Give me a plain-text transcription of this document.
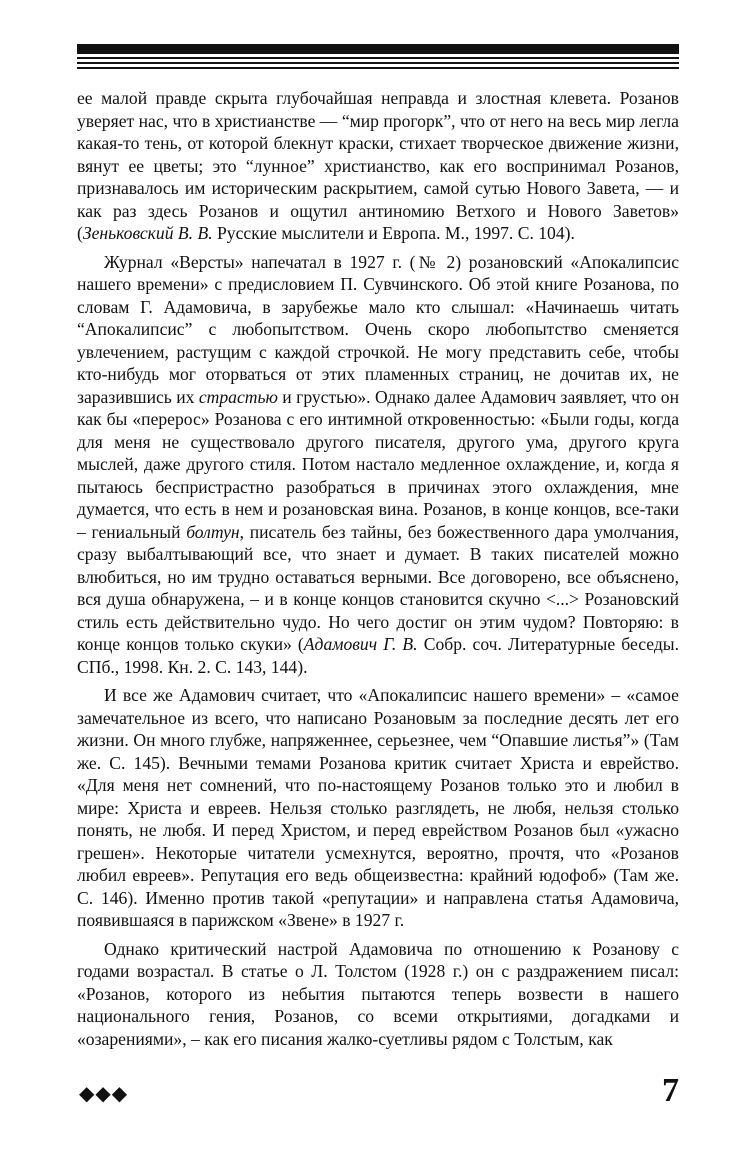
ее малой правде скрыта глубочайшая неправда и злостная клевета. Розанов уверяет нас, что в христианстве — “мир прогорк”, что от него на весь мир легла какая-то тень, от которой блекнут краски, стихает творческое движение жизни, вянут ее цветы; это “лунное” христианство, как его воспринимал Розанов, признавалось им историческим раскрытием, самой сутью Нового Завета, — и как раз здесь Розанов и ощутил антиномию Ветхого и Нового Заветов» (Зеньковский В. В. Русские мыслители и Европа. М., 1997. С. 104).

Журнал «Версты» напечатал в 1927 г. (№ 2) розановский «Апокалипсис нашего времени» с предисловием П. Сувчинского. Об этой книге Розанова, по словам Г. Адамовича, в зарубежье мало кто слышал: «Начинаешь читать “Апокалипсис” с любопытством. Очень скоро любопытство сменяется увлечением, растущим с каждой строчкой. Не могу представить себе, чтобы кто-нибудь мог оторваться от этих пламенных страниц, не дочитав их, не заразившись их страстью и грустью». Однако далее Адамович заявляет, что он как бы «перерос» Розанова с его интимной откровенностью: «Были годы, когда для меня не существовало другого писателя, другого ума, другого круга мыслей, даже другого стиля. Потом настало медленное охлаждение, и, когда я пытаюсь беспристрастно разобраться в причинах этого охлаждения, мне думается, что есть в нем и розановская вина. Розанов, в конце концов, все-таки – гениальный болтун, писатель без тайны, без божественного дара умолчания, сразу выбалтывающий все, что знает и думает. В таких писателей можно влюбиться, но им трудно оставаться верными. Все договорено, все объяснено, вся душа обнаружена, – и в конце концов становится скучно <...> Розановский стиль есть действительно чудо. Но чего достиг он этим чудом? Повторяю: в конце концов только скуки» (Адамович Г. В. Собр. соч. Литературные беседы. СПб., 1998. Кн. 2. С. 143, 144).

И все же Адамович считает, что «Апокалипсис нашего времени» – «самое замечательное из всего, что написано Розановым за последние десять лет его жизни. Он много глубже, напряженнее, серьезнее, чем “Опавшие листья”» (Там же. С. 145). Вечными темами Розанова критик считает Христа и еврейство. «Для меня нет сомнений, что по-настоящему Розанов только это и любил в мире: Христа и евреев. Нельзя столько разглядеть, не любя, нельзя столько понять, не любя. И перед Христом, и перед еврейством Розанов был «ужасно грешен». Некоторые читатели усмехнутся, вероятно, прочтя, что «Розанов любил евреев». Репутация его ведь общеизвестна: крайний юдофоб» (Там же. С. 146). Именно против такой «репутации» и направлена статья Адамовича, появившаяся в парижском «Звене» в 1927 г.

Однако критический настрой Адамовича по отношению к Розанову с годами возрастал. В статье о Л. Толстом (1928 г.) он с раздражением писал: «Розанов, которого из небытия пытаются теперь возвести в нашего национального гения, Розанов, со всеми открытиями, догадками и «озарениями», – как его писания жалко-суетливы рядом с Толстым, как

◆◆◆	7
